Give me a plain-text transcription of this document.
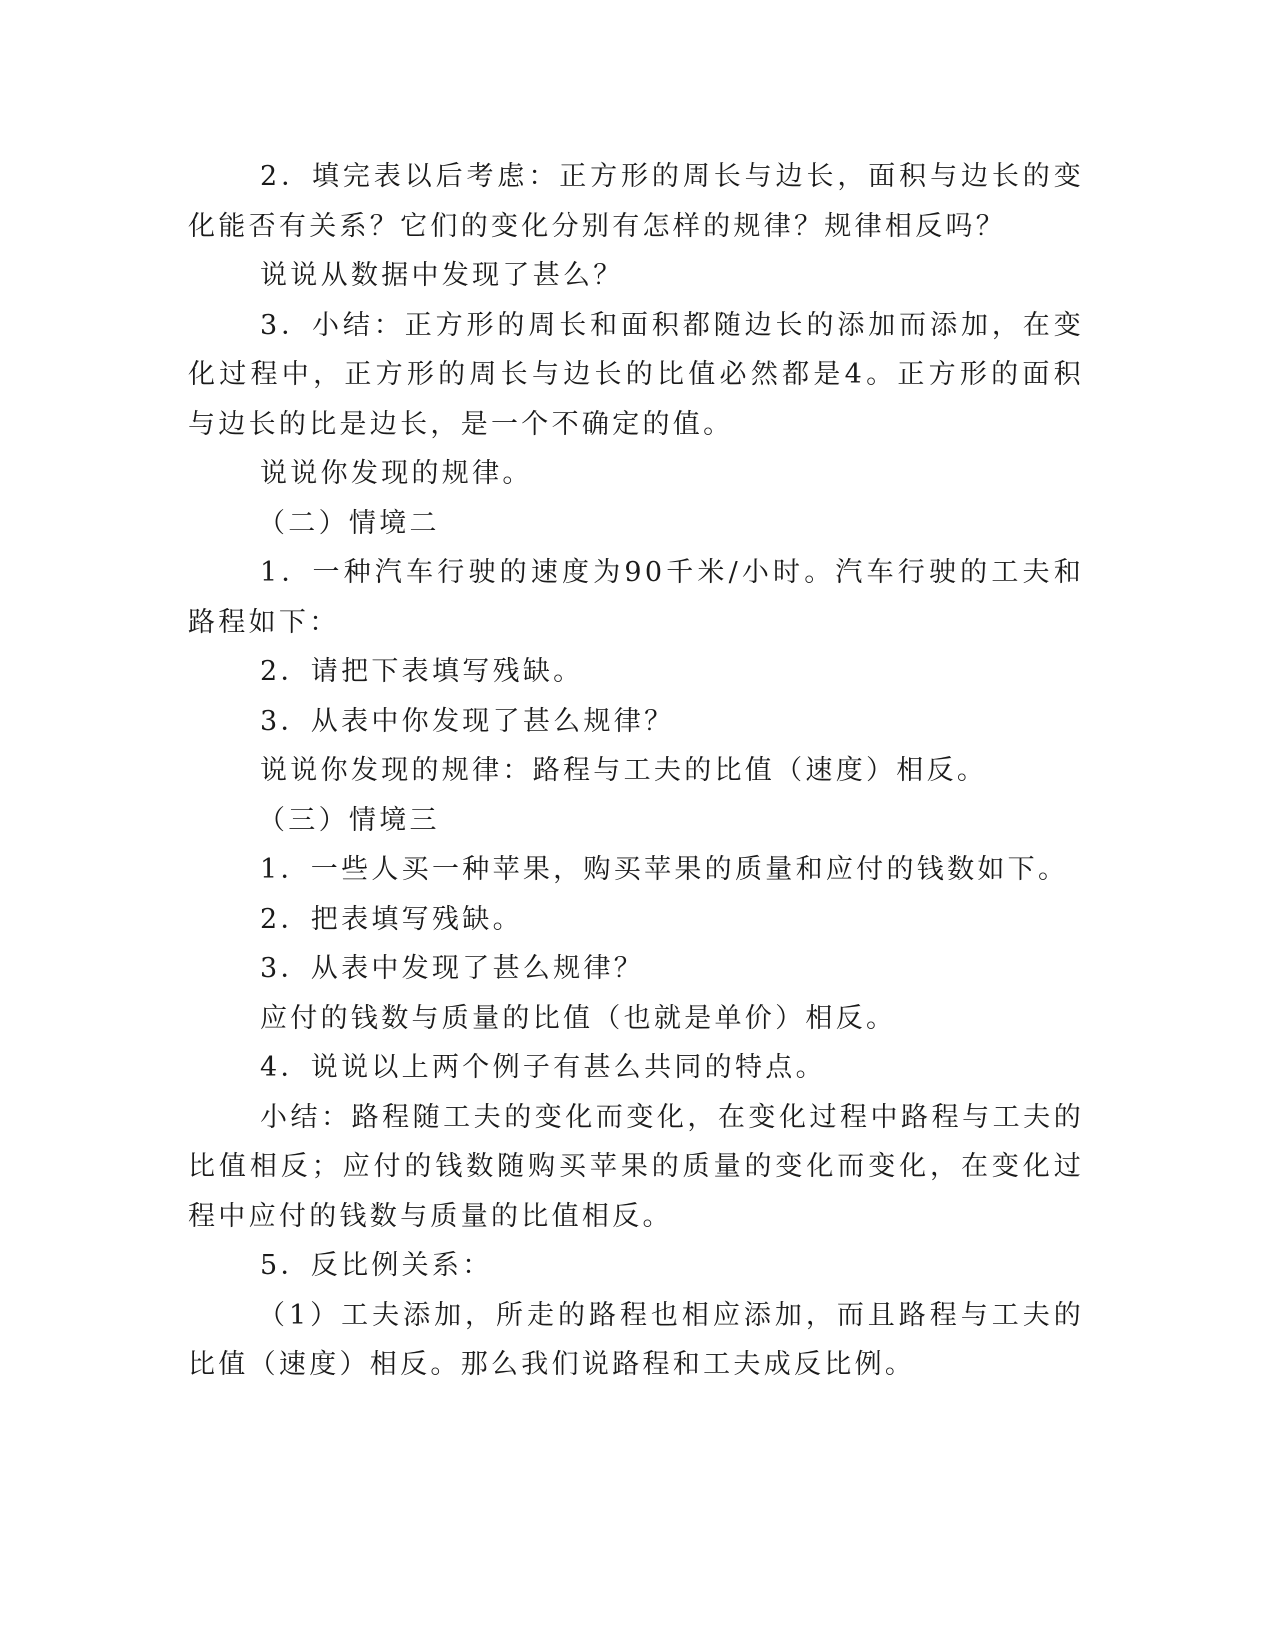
2．填完表以后考虑：正方形的周长与边长，面积与边长的变化能否有关系？它们的变化分别有怎样的规律？规律相反吗？

说说从数据中发现了甚么？

3．小结：正方形的周长和面积都随边长的添加而添加，在变化过程中，正方形的周长与边长的比值必然都是4。正方形的面积与边长的比是边长，是一个不确定的值。

说说你发现的规律。

（二）情境二

1．一种汽车行驶的速度为90千米/小时。汽车行驶的工夫和路程如下：

2．请把下表填写残缺。

3．从表中你发现了甚么规律？

说说你发现的规律：路程与工夫的比值（速度）相反。

（三）情境三

1．一些人买一种苹果，购买苹果的质量和应付的钱数如下。

2．把表填写残缺。

3．从表中发现了甚么规律？

应付的钱数与质量的比值（也就是单价）相反。

4．说说以上两个例子有甚么共同的特点。

小结：路程随工夫的变化而变化，在变化过程中路程与工夫的比值相反；应付的钱数随购买苹果的质量的变化而变化，在变化过程中应付的钱数与质量的比值相反。

5．反比例关系：

（1）工夫添加，所走的路程也相应添加，而且路程与工夫的比值（速度）相反。那么我们说路程和工夫成反比例。
